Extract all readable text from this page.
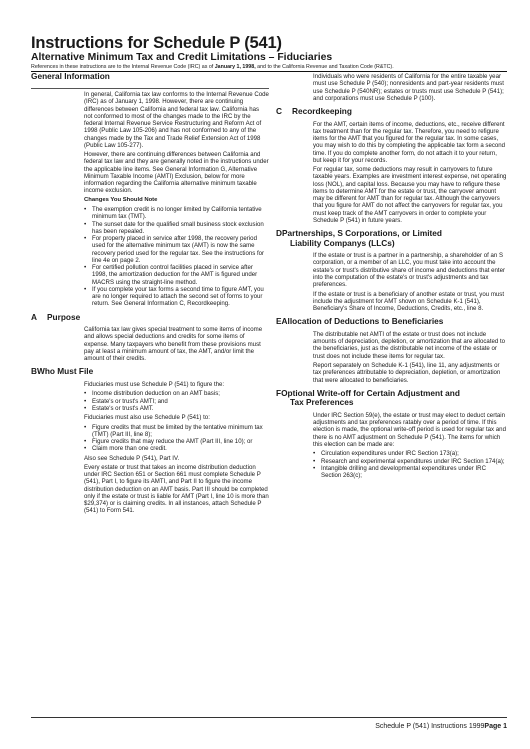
Instructions for Schedule P (541)
Alternative Minimum Tax and Credit Limitations – Fiduciaries
References in these instructions are to the Internal Revenue Code (IRC) as of January 1, 1998, and to the California Revenue and Taxation Code (R&TC).
General Information

In general, California tax law conforms to the Internal Revenue Code (IRC) as of January 1, 1998. However, there are continuing differences between California and federal tax law. California has not conformed to most of the changes made to the IRC by the federal Internal Revenue Service Restructuring and Reform Act of 1998 (Public Law 105-206) and has not conformed to any of the changes made by the Tax and Trade Relief Extension Act of 1998 (Public Law 105-277).

However, there are continuing differences between California and federal tax law and they are generally noted in the instructions under the applicable line items. See General Information G, Alternative Minimum Taxable Income (AMTI) Exclusion, below for more information regarding the California alternative minimum taxable income exclusion.

Changes You Should Note
• The exemption credit is no longer limited by California tentative minimum tax (TMT).
• The sunset date for the qualified small business stock exclusion has been repealed.
• For property placed in service after 1998, the recovery period used for the alternative minimum tax (AMT) is now the same recovery period used for the regular tax. See the instructions for line 4e on page 2.
• For certified pollution control facilities placed in service after 1998, the amortization deduction for the AMT is figured under MACRS using the straight-line method.
• If you complete your tax forms a second time to figure AMT, you are no longer required to attach the second set of forms to your return. See General Information C, Recordkeeping.
A Purpose

California tax law gives special treatment to some items of income and allows special deductions and credits for some items of expense. Many taxpayers who benefit from these provisions must pay at least a minimum amount of tax, the AMT, and/or limit the amount of their credits.

BWho Must File

Fiduciaries must use Schedule P (541) to figure the:

• Income distribution deduction on an AMT basis;
• Estate's or trust's AMTI; and
• Estate's or trust's AMT.

Fiduciaries must also use Schedule P (541) to:

• Figure credits that must be limited by the tentative minimum tax (TMT) (Part III, line 8);
• Figure credits that may reduce the AMT (Part III, line 10); or
• Claim more than one credit.

Also see Schedule P (541), Part IV.

Every estate or trust that takes an income distribution deduction under IRC Section 651 or Section 661 must complete Schedule P (541), Part I, to figure its AMTI, and Part II to figure the income distribution deduction on an AMT basis. Part III should be completed only if the estate or trust is liable for AMT (Part I, line 10 is more than $29,374) or is claiming credits. In all instances, attach Schedule P (541) to Form 541.

Individuals who were residents of California for the entire taxable year must use Schedule P (540); nonresidents and part-year residents must use Schedule P (540NR); estates or trusts must use Schedule P (541); and corporations must use Schedule P (100).

C Recordkeeping

For the AMT, certain items of income, deductions, etc., receive different tax treatment than for the regular tax. Therefore, you need to refigure items for the AMT that you figured for the regular tax. In some cases, you may wish to do this by completing the applicable tax form a second time. If you do complete another form, do not attach it to your return, but keep it for your records.

For regular tax, some deductions may result in carryovers to future taxable years. Examples are investment interest expense, net operating loss (NOL), and capital loss. Because you may have to refigure these items to determine AMT for the estate or trust, the carryover amount may be different for AMT than for regular tax. Although the carryovers that you figure for AMT do not affect the carryovers for regular tax, you must keep track of the AMT carryovers in order to complete your Schedule P (541) in future years.

DPartnerships, S Corporations, or Limited
Liability Companys (LLCs)

If the estate or trust is a partner in a partnership, a shareholder of an S corporation, or a member of an LLC, you must take into account the estate's or trust's distributive share of income and deductions that enter into the computation of the estate's or trust's adjustments and tax preferences.

If the estate or trust is a beneficiary of another estate or trust, you must include the adjustment for AMT shown on Schedule K-1 (541), Beneficiary's Share of Income, Deductions, Credits, etc., line 8.

EAllocation of Deductions to Beneficiaries

The distributable net AMTI of the estate or trust does not include amounts of depreciation, depletion, or amortization that are allocated to the beneficiaries, just as the distributable net income of the estate or trust does not include these items for regular tax.

Report separately on Schedule K-1 (541), line 11, any adjustments or tax preferences attributable to depreciation, depletion, or amortization that were allocated to beneficiaries.

FOptional Write-off for Certain Adjustment and
Tax Preferences

Under IRC Section 59(e), the estate or trust may elect to deduct certain adjustments and tax preferences ratably over a period of time. If this election is made, the optional write-off period is used for regular tax and there is no AMT adjustment on Schedule P (541). The items for which this election can be made are:

• Circulation expenditures under IRC Section 173(a);
• Research and experimental expenditures under IRC Section 174(a);
• Intangible drilling and developmental expenditures under IRC Section 263(c);
Schedule P (541) Instructions 1999Page 1
